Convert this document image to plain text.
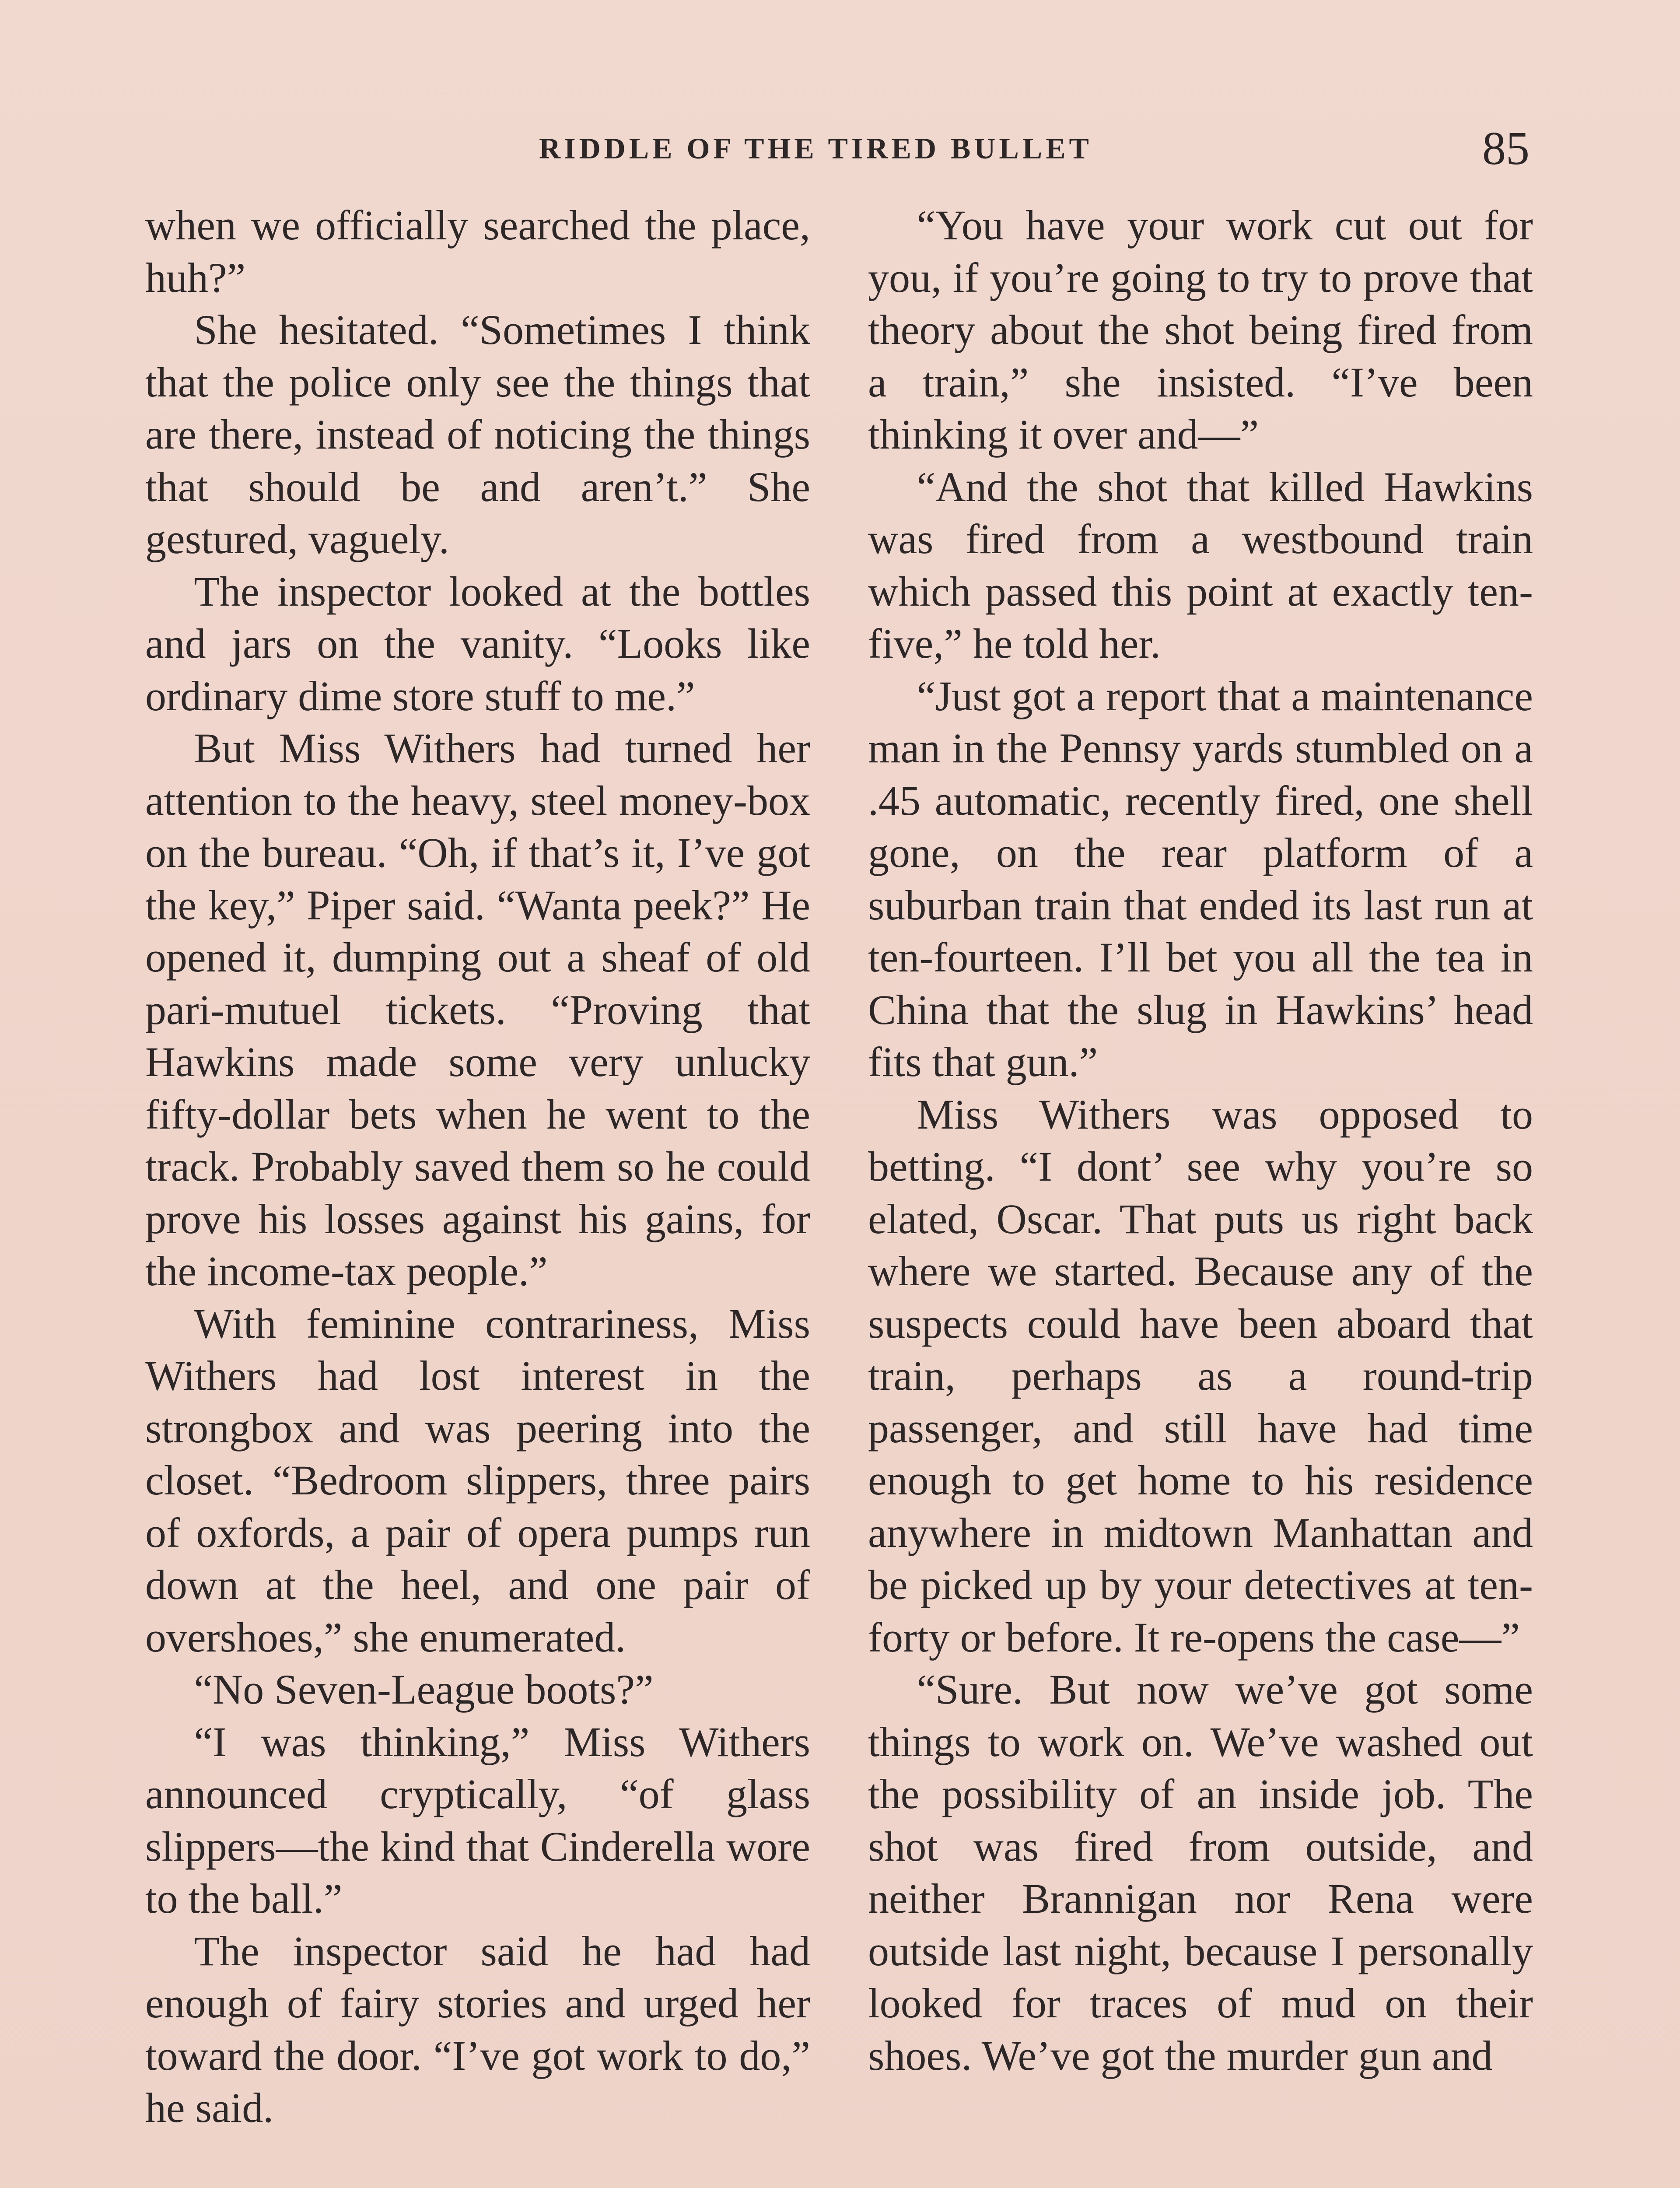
RIDDLE OF THE TIRED BULLET	85

when we officially searched the place, huh?”

She hesitated. “Sometimes I think that the police only see the things that are there, instead of noticing the things that should be and aren’t.” She gestured, vaguely.

The inspector looked at the bottles and jars on the vanity. “Looks like ordinary dime store stuff to me.”

But Miss Withers had turned her attention to the heavy, steel money-box on the bureau. “Oh, if that’s it, I’ve got the key,” Piper said. “Wanta peek?” He opened it, dumping out a sheaf of old pari-mutuel tickets. “Proving that Hawkins made some very unlucky fifty-dollar bets when he went to the track. Probably saved them so he could prove his losses against his gains, for the income-tax people.”

With feminine contrariness, Miss Withers had lost interest in the strongbox and was peering into the closet. “Bedroom slippers, three pairs of oxfords, a pair of opera pumps run down at the heel, and one pair of overshoes,” she enumerated.

“No Seven-League boots?”

“I was thinking,” Miss Withers announced cryptically, “of glass slippers—the kind that Cinderella wore to the ball.”

The inspector said he had had enough of fairy stories and urged her toward the door. “I’ve got work to do,” he said.

“You have your work cut out for you, if you’re going to try to prove that theory about the shot being fired from a train,” she insisted. “I’ve been thinking it over and—”

“And the shot that killed Hawkins was fired from a westbound train which passed this point at exactly ten-five,” he told her.

“Just got a report that a maintenance man in the Pennsy yards stumbled on a .45 automatic, recently fired, one shell gone, on the rear platform of a suburban train that ended its last run at ten-fourteen. I’ll bet you all the tea in China that the slug in Hawkins’ head fits that gun.”

Miss Withers was opposed to betting. “I dont’ see why you’re so elated, Oscar. That puts us right back where we started. Because any of the suspects could have been aboard that train, perhaps as a round-trip passenger, and still have had time enough to get home to his residence anywhere in midtown Manhattan and be picked up by your detectives at ten-forty or before. It re-opens the case—”

“Sure. But now we’ve got some things to work on. We’ve washed out the possibility of an inside job. The shot was fired from outside, and neither Brannigan nor Rena were outside last night, because I personally looked for traces of mud on their shoes. We’ve got the murder gun and
